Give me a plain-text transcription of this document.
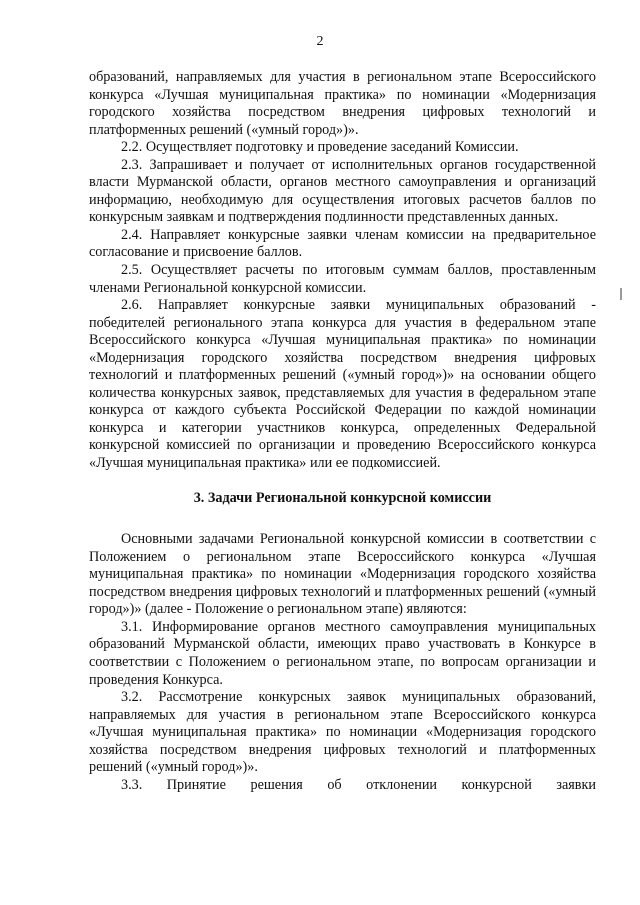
2

образований, направляемых для участия в региональном этапе Всероссийского конкурса «Лучшая муниципальная практика» по номинации «Модернизация городского хозяйства посредством внедрения цифровых технологий и платформенных решений («умный город»)».

2.2. Осуществляет подготовку и проведение заседаний Комиссии.

2.3. Запрашивает и получает от исполнительных органов государственной власти Мурманской области, органов местного самоуправления и организаций информацию, необходимую для осуществления итоговых расчетов баллов по конкурсным заявкам и подтверждения подлинности представленных данных.

2.4. Направляет конкурсные заявки членам комиссии на предварительное согласование и присвоение баллов.

2.5. Осуществляет расчеты по итоговым суммам баллов, проставленным членами Региональной конкурсной комиссии.

2.6. Направляет конкурсные заявки муниципальных образований - победителей регионального этапа конкурса для участия в федеральном этапе Всероссийского конкурса «Лучшая муниципальная практика» по номинации «Модернизация городского хозяйства посредством внедрения цифровых технологий и платформенных решений («умный город»)» на основании общего количества конкурсных заявок, представляемых для участия в федеральном этапе конкурса от каждого субъекта Российской Федерации по каждой номинации конкурса и категории участников конкурса, определенных Федеральной конкурсной комиссией по организации и проведению Всероссийского конкурса «Лучшая муниципальная практика» или ее подкомиссией.

3. Задачи Региональной конкурсной комиссии

Основными задачами Региональной конкурсной комиссии в соответствии с Положением о региональном этапе Всероссийского конкурса «Лучшая муниципальная практика» по номинации «Модернизация городского хозяйства посредством внедрения цифровых технологий и платформенных решений («умный город»)» (далее - Положение о региональном этапе) являются:

3.1. Информирование органов местного самоуправления муниципальных образований Мурманской области, имеющих право участвовать в Конкурсе в соответствии с Положением о региональном этапе, по вопросам организации и проведения Конкурса.

3.2. Рассмотрение конкурсных заявок муниципальных образований, направляемых для участия в региональном этапе Всероссийского конкурса «Лучшая муниципальная практика» по номинации «Модернизация городского хозяйства посредством внедрения цифровых технологий и платформенных решений («умный город»)».

3.3. Принятие решения об отклонении конкурсной заявки
